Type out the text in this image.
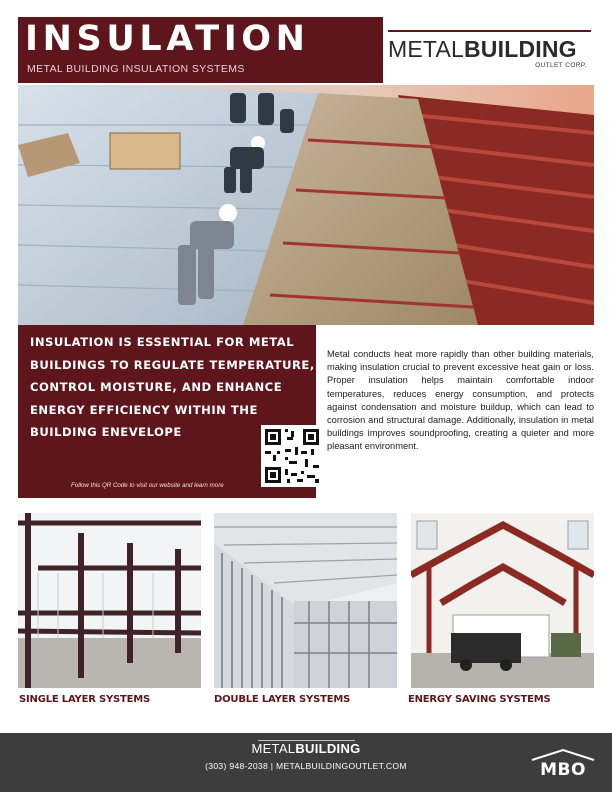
INSULATION
METAL BUILDING INSULATION SYSTEMS
METALBUILDING
OUTLET CORP.
INSULATION IS ESSENTIAL FOR METAL BUILDINGS TO REGULATE TEMPERATURE, CONTROL MOISTURE, AND ENHANCE ENERGY EFFICIENCY WITHIN THE BUILDING ENEVELOPE
Follow this QR Code to visit our website and learn more
Metal conducts heat more rapidly than other building materials, making insulation crucial to prevent excessive heat gain or loss. Proper insulation helps maintain comfortable indoor temperatures, reduces energy consumption, and protects against condensation and moisture buildup, which can lead to corrosion and structural damage. Additionally, insulation in metal buildings improves soundproofing, creating a quieter and more pleasant environment.
SINGLE LAYER SYSTEMS	DOUBLE LAYER SYSTEMS	ENERGY SAVING SYSTEMS
METALBUILDING
(303) 948-2038 | METALBUILDINGOUTLET.COM	MBO
